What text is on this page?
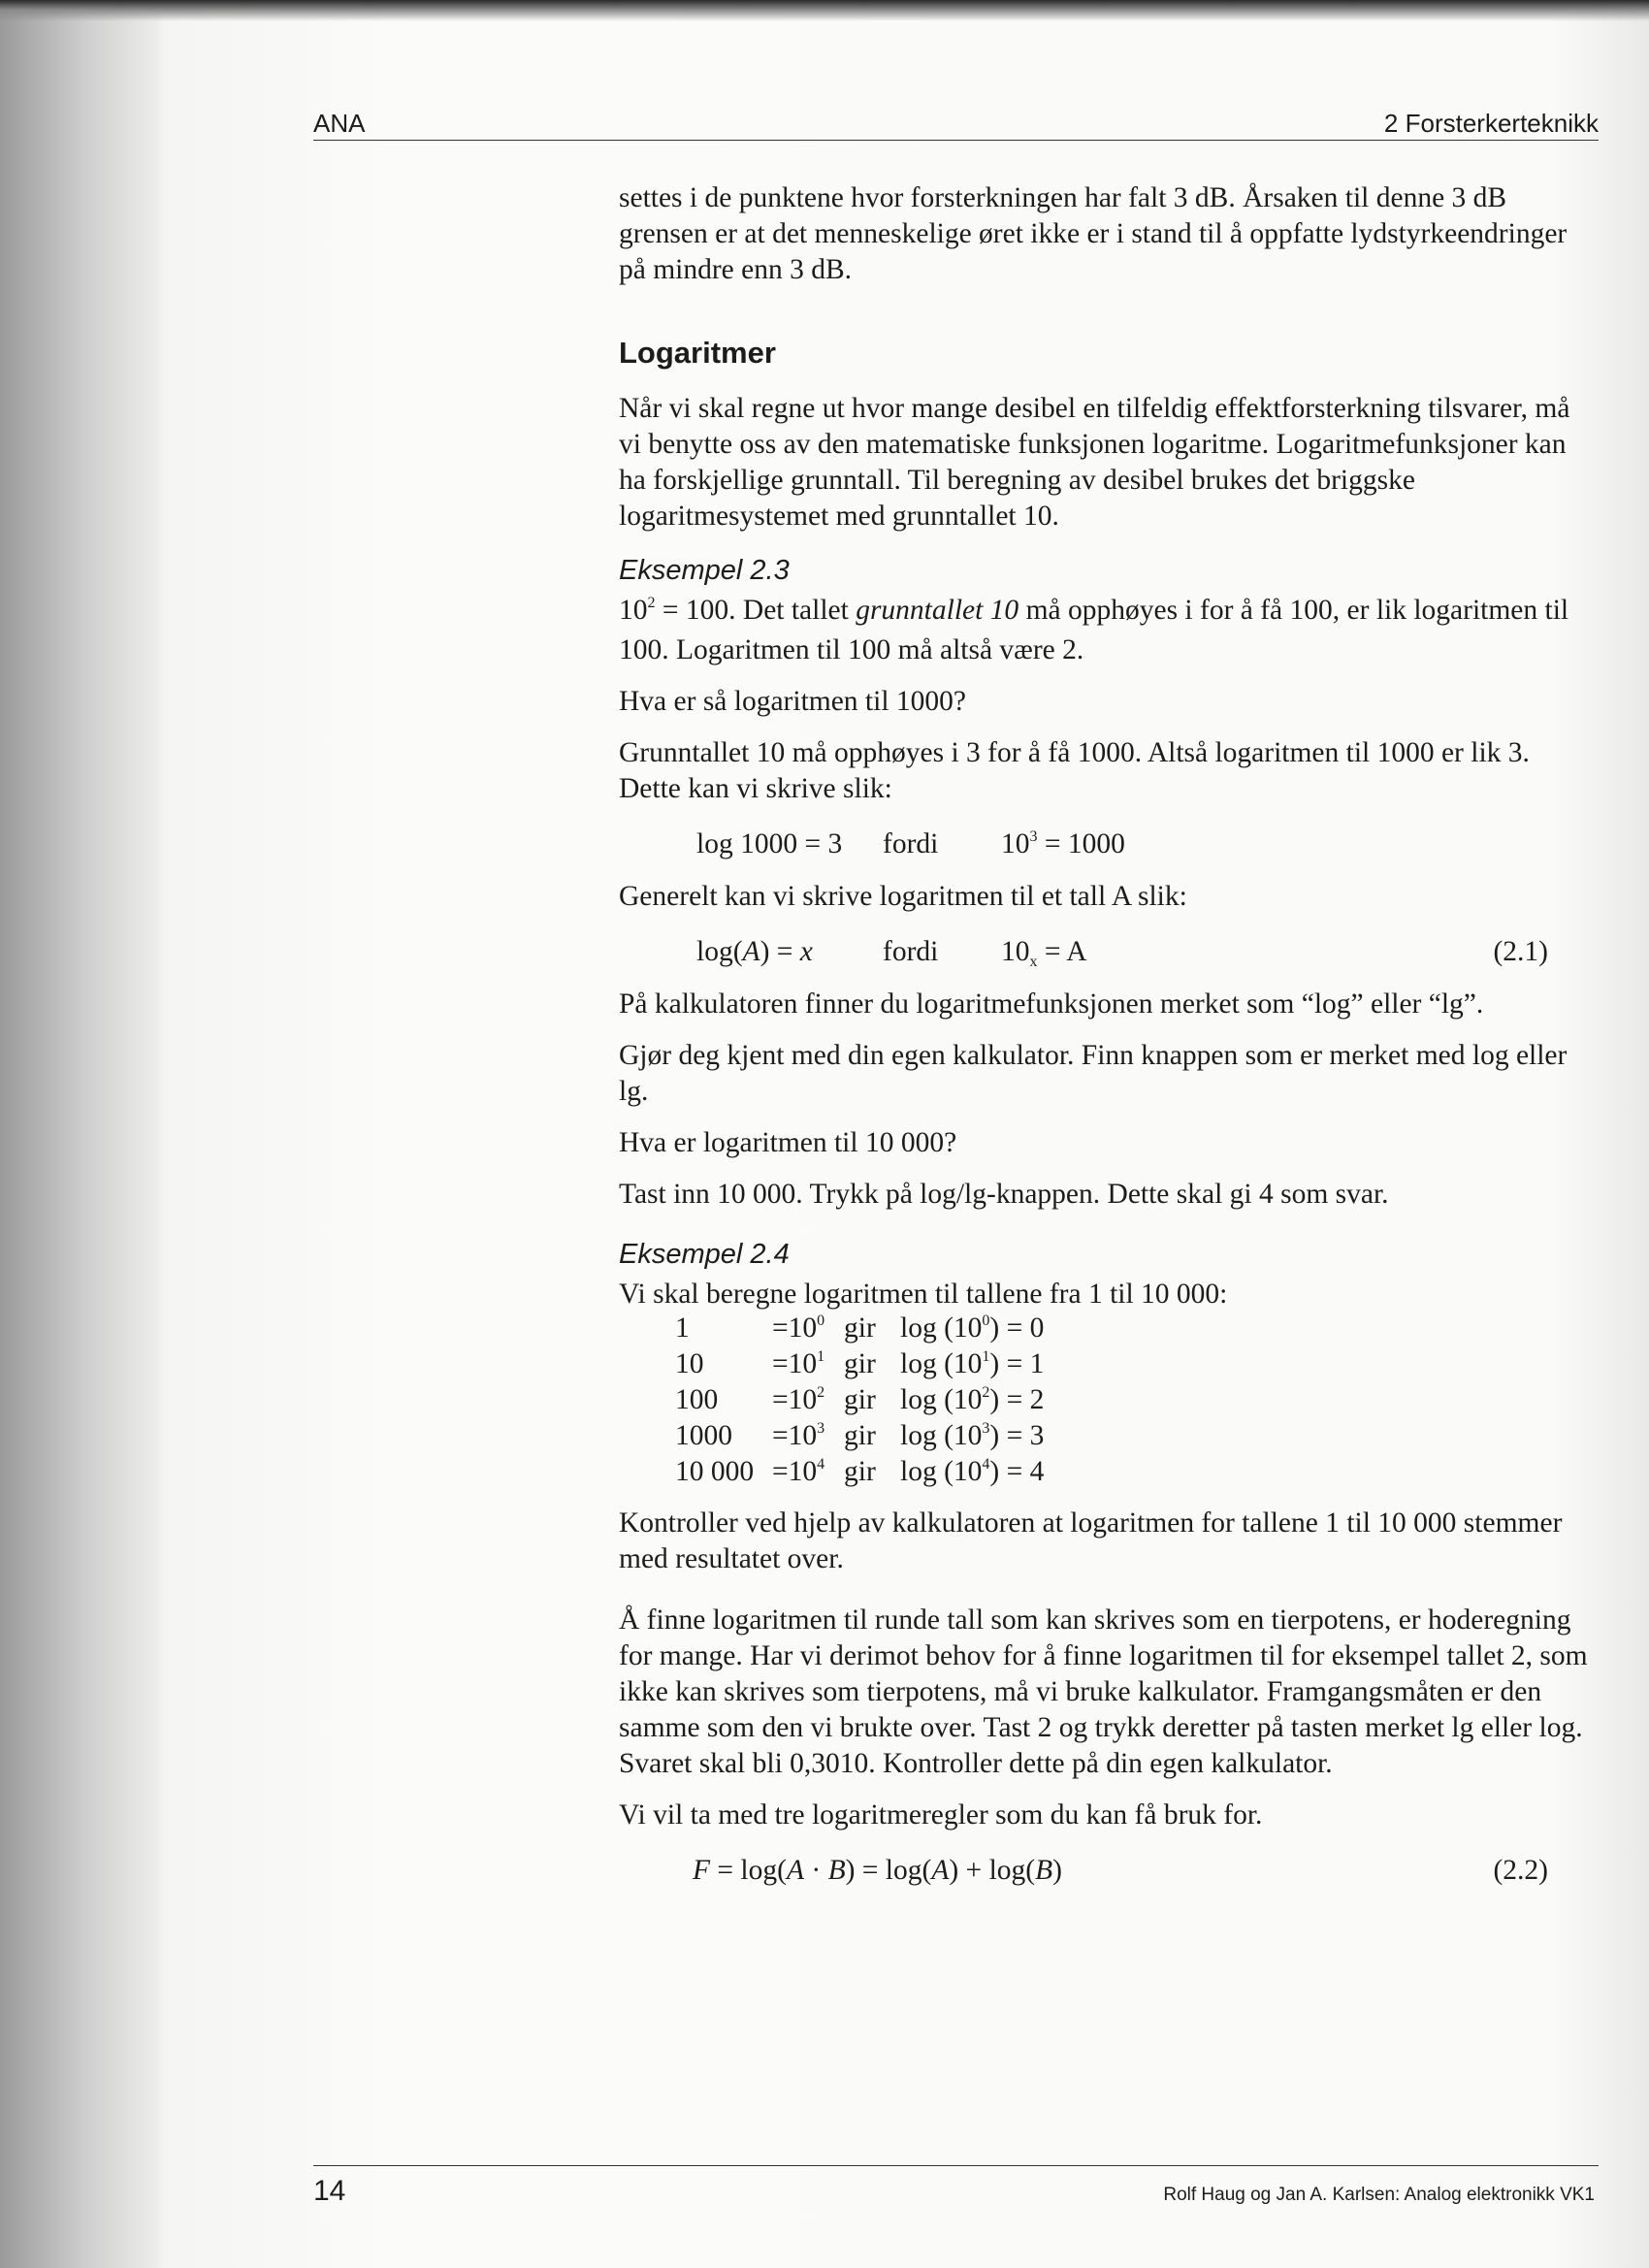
ANA	2 Forsterkerteknikk

settes i de punktene hvor forsterkningen har falt 3 dB. Årsaken til denne 3 dB grensen er at det menneskelige øret ikke er i stand til å oppfatte lydstyrkeendringer på mindre enn 3 dB.

Logaritmer

Når vi skal regne ut hvor mange desibel en tilfeldig effektforsterkning tilsvarer, må vi benytte oss av den matematiske funksjonen logaritme. Logaritmefunksjoner kan ha forskjellige grunntall. Til beregning av desibel brukes det briggske logaritmesystemet med grunntallet 10.

Eksempel 2.3

$10^2 = 100$. Det tallet grunntallet 10 må opphøyes i for å få 100, er lik logaritmen til 100. Logaritmen til 100 må altså være 2.

Hva er så logaritmen til 1000?

Grunntallet 10 må opphøyes i 3 for å få 1000. Altså logaritmen til 1000 er lik 3. Dette kan vi skrive slik:

log 1000 = 3 fordi $10^3 = 1000$

Generelt kan vi skrive logaritmen til et tall A slik:

log(A) = x fordi $10_x = A$	(2.1)

På kalkulatoren finner du logaritmefunksjonen merket som “log” eller “lg”.

Gjør deg kjent med din egen kalkulator. Finn knappen som er merket med log eller lg.

Hva er logaritmen til 10 000?

Tast inn 10 000. Trykk på log/lg-knappen. Dette skal gi 4 som svar.

Eksempel 2.4

Vi skal beregne logaritmen til tallene fra 1 til 10 000:

1	$=10^0$	gir	$\log (10^0) = 0$
10	$=10^1$	gir	$\log (10^1) = 1$
100	$=10^2$	gir	$\log (10^2) = 2$
1000	$=10^3$	gir	$\log (10^3) = 3$
10 000	$=10^4$	gir	$\log (10^4) = 4$

Kontroller ved hjelp av kalkulatoren at logaritmen for tallene 1 til 10 000 stemmer med resultatet over.

Å finne logaritmen til runde tall som kan skrives som en tierpotens, er hoderegning for mange. Har vi derimot behov for å finne logaritmen til for eksempel tallet 2, som ikke kan skrives som tierpotens, må vi bruke kalkulator. Framgangsmåten er den samme som den vi brukte over. Tast 2 og trykk deretter på tasten merket lg eller log. Svaret skal bli 0,3010. Kontroller dette på din egen kalkulator.

Vi vil ta med tre logaritmeregler som du kan få bruk for.

F = log(A · B) = log(A) + log(B)	(2.2)
14	Rolf Haug og Jan A. Karlsen: Analog elektronikk VK1
